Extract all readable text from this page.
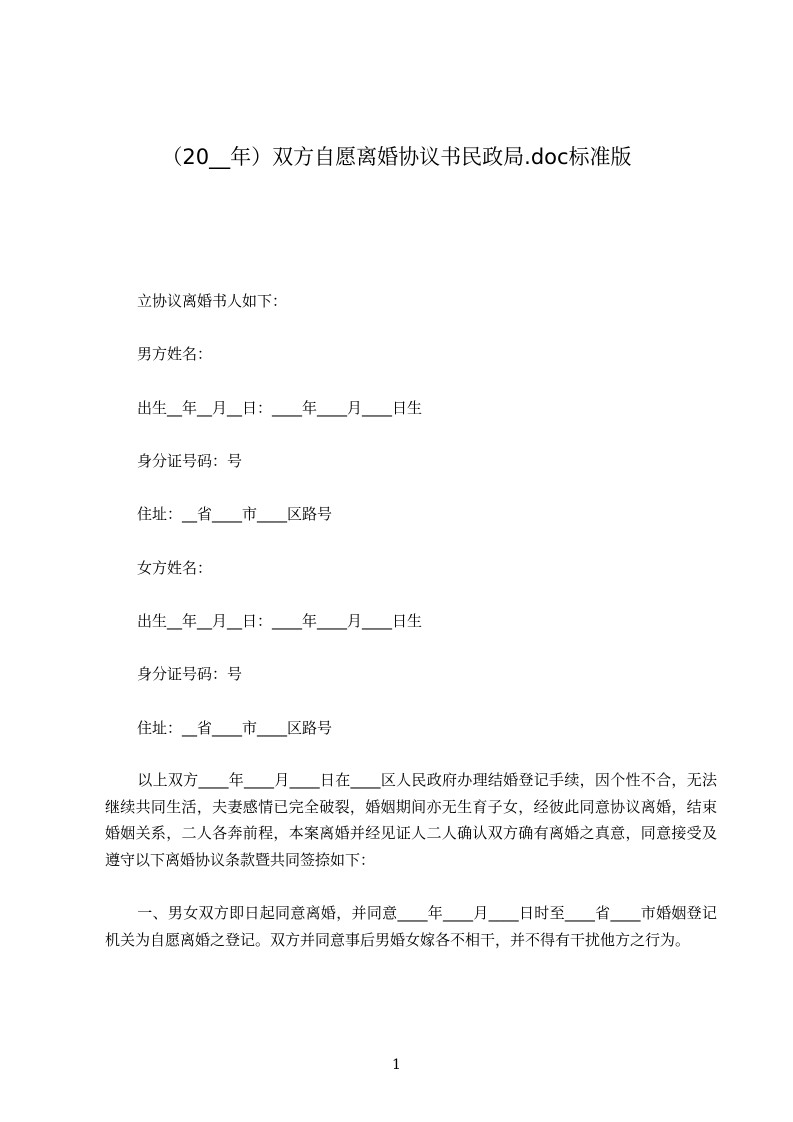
（20__年）双方自愿离婚协议书民政局.doc标准版
立协议离婚书人如下：
男方姓名：
出生__年__月__日：____年____月____日生
身分证号码：号
住址：__省____市____区路号
女方姓名：
出生__年__月__日：____年____月____日生
身分证号码：号
住址：__省____市____区路号
以上双方____年____月____日在____区人民政府办理结婚登记手续，因个性不合，无法继续共同生活，夫妻感情已完全破裂，婚姻期间亦无生育子女，经彼此同意协议离婚，结束婚姻关系，二人各奔前程，本案离婚并经见证人二人确认双方确有离婚之真意，同意接受及遵守以下离婚协议条款暨共同签捺如下：
一、男女双方即日起同意离婚，并同意____年____月____日时至____省____市婚姻登记机关为自愿离婚之登记。双方并同意事后男婚女嫁各不相干，并不得有干扰他方之行为。
1
